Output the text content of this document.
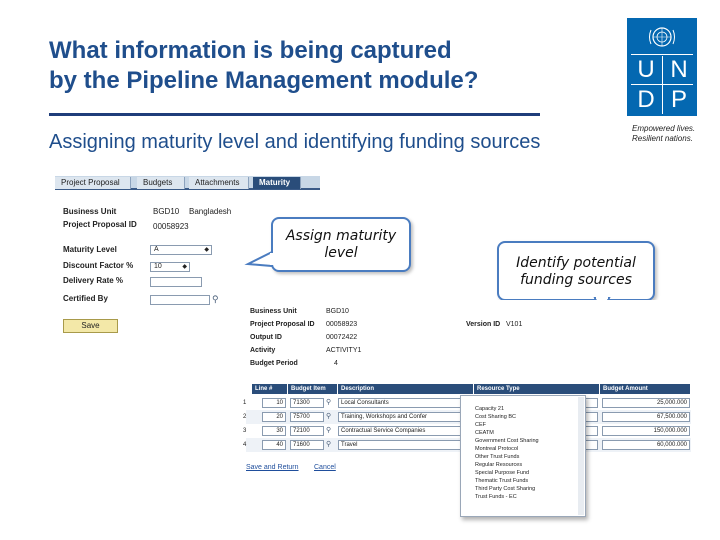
What information is being captured
by the Pipeline Management module?
Assigning maturity level and identifying funding sources
U N
D P
Empowered lives.
Resilient nations.
Project Proposal	Budgets	Attachments	Maturity
Business Unit	BGD10 Bangladesh
Project Proposal ID 00058923
Maturity Level	A	◆
Discount Factor %	10	◆
Delivery Rate %
Certified By	⚲
Save
Assign maturity level
Identify potential funding sources
Business Unit	BGD10
Project Proposal ID 00058923	Version ID V101
Output ID	00072422
Activity	ACTIVITY1
Budget Period	4
Line #	Budget Item	Description	Resource Type	Budget Amount
1	10	71300	⚲	Local Consultants	25,000.000
2	20	75700	⚲	Training, Workshops and Confer	67,500.000
3	30	72100	⚲	Contractual Service Companies	150,000.000
4	40	71600	⚲	Travel	60,000.000
Save and Return Cancel
Capacity 21
Cost Sharing BC
CEF
CEATM
Government Cost Sharing
Montreal Protocol
Other Trust Funds
Regular Resources
Special Purpose Fund
Thematic Trust Funds
Third Party Cost Sharing
Trust Funds - EC
